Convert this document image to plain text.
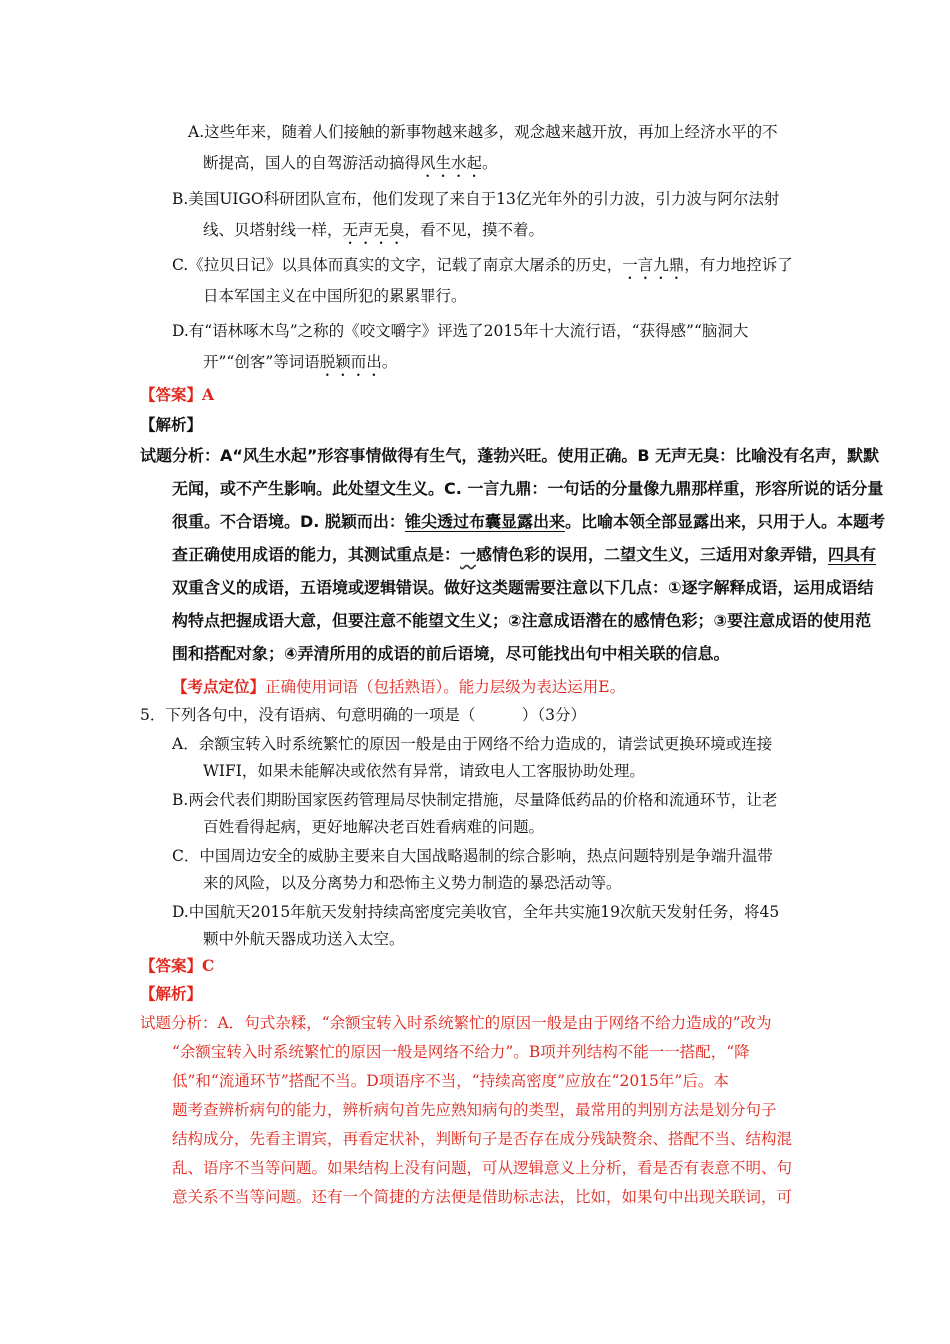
A.这些年来，随着人们接触的新事物越来越多，观念越来越开放，再加上经济水平的不
断提高，国人的自驾游活动搞得风生水起。
B.美国UIGO科研团队宣布，他们发现了来自于13亿光年外的引力波，引力波与阿尔法射
线、贝塔射线一样，无声无臭，看不见，摸不着。
C.《拉贝日记》以具体而真实的文字，记载了南京大屠杀的历史，一言九鼎，有力地控诉了
日本军国主义在中国所犯的累累罪行。
D.有“语林啄木鸟”之称的《咬文嚼字》评选了2015年十大流行语，“获得感”“脑洞大
开”“创客”等词语脱颖而出。
【答案】A
【解析】
试题分析：A“风生水起”形容事情做得有生气，蓬勃兴旺。使用正确。B 无声无臭：比喻没有名声，默默
无闻，或不产生影响。此处望文生义。C. 一言九鼎：一句话的分量像九鼎那样重，形容所说的话分量
很重。不合语境。D. 脱颖而出：锥尖透过布囊显露出来。比喻本领全部显露出来，只用于人。本题考
查正确使用成语的能力，其测试重点是：一感情色彩的误用，二望文生义，三适用对象弄错，四具有
双重含义的成语，五语境或逻辑错误。做好这类题需要注意以下几点：①逐字解释成语，运用成语结
构特点把握成语大意，但要注意不能望文生义；②注意成语潜在的感情色彩；③要注意成语的使用范
围和搭配对象；④弄清所用的成语的前后语境，尽可能找出句中相关联的信息。
【考点定位】正确使用词语（包括熟语）。能力层级为表达运用E。
5．下列各句中，没有语病、句意明确的一项是（　　　）（3分）
A．余额宝转入时系统繁忙的原因一般是由于网络不给力造成的，请尝试更换环境或连接
WIFI，如果未能解决或依然有异常，请致电人工客服协助处理。
B.两会代表们期盼国家医药管理局尽快制定措施，尽量降低药品的价格和流通环节，让老
百姓看得起病，更好地解决老百姓看病难的问题。
C．中国周边安全的威胁主要来自大国战略遏制的综合影响，热点问题特别是争端升温带
来的风险，以及分离势力和恐怖主义势力制造的暴恐活动等。
D.中国航天2015年航天发射持续高密度完美收官，全年共实施19次航天发射任务，将45
颗中外航天器成功送入太空。
【答案】C
【解析】
试题分析：A．句式杂糅，“余额宝转入时系统繁忙的原因一般是由于网络不给力造成的”改为
“余额宝转入时系统繁忙的原因一般是网络不给力”。B项并列结构不能一一搭配，“降
低”和“流通环节”搭配不当。D项语序不当，“持续高密度”应放在“2015年”后。本
题考查辨析病句的能力，辨析病句首先应熟知病句的类型，最常用的判别方法是划分句子
结构成分，先看主谓宾，再看定状补，判断句子是否存在成分残缺赘余、搭配不当、结构混
乱、语序不当等问题。如果结构上没有问题，可从逻辑意义上分析，看是否有表意不明、句
意关系不当等问题。还有一个简捷的方法便是借助标志法，比如，如果句中出现关联词，可
